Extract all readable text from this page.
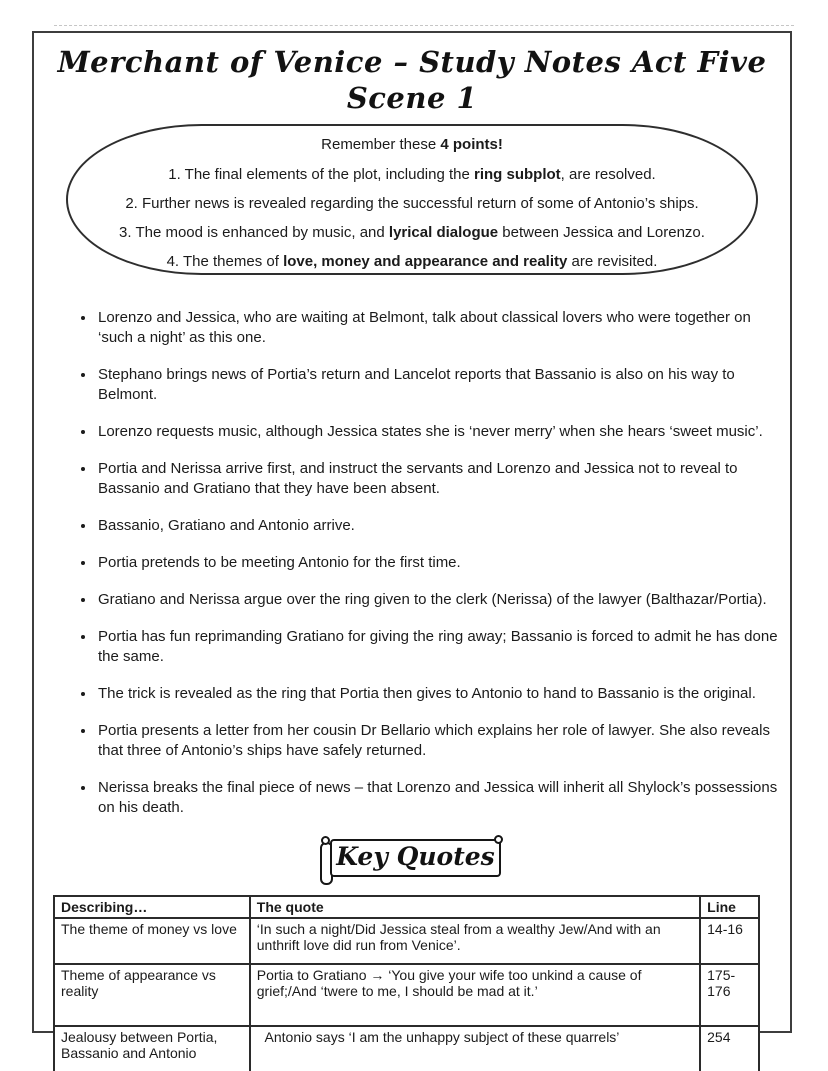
Merchant of Venice – Study Notes Act Five Scene 1
Remember these 4 points!
1. The final elements of the plot, including the ring subplot, are resolved.
2. Further news is revealed regarding the successful return of some of Antonio’s ships.
3. The mood is enhanced by music, and lyrical dialogue between Jessica and Lorenzo.
4. The themes of love, money and appearance and reality are revisited.
• Lorenzo and Jessica, who are waiting at Belmont, talk about classical lovers who were together on ‘such a night’ as this one.
• Stephano brings news of Portia’s return and Lancelot reports that Bassanio is also on his way to Belmont.
• Lorenzo requests music, although Jessica states she is ‘never merry’ when she hears ‘sweet music’.
• Portia and Nerissa arrive first, and instruct the servants and Lorenzo and Jessica not to reveal to Bassanio and Gratiano that they have been absent.
• Bassanio, Gratiano and Antonio arrive.
• Portia pretends to be meeting Antonio for the first time.
• Gratiano and Nerissa argue over the ring given to the clerk (Nerissa) of the lawyer (Balthazar/Portia).
• Portia has fun reprimanding Gratiano for giving the ring away; Bassanio is forced to admit he has done the same.
• The trick is revealed as the ring that Portia then gives to Antonio to hand to Bassanio is the original.
• Portia presents a letter from her cousin Dr Bellario which explains her role of lawyer. She also reveals that three of Antonio’s ships have safely returned.
• Nerissa breaks the final piece of news – that Lorenzo and Jessica will inherit all Shylock’s possessions on his death.
Key Quotes
Describing…	The quote	Line
The theme of money vs love	‘In such a night/Did Jessica steal from a wealthy Jew/And with an unthrift love did run from Venice’.	14-16
Theme of appearance vs reality	Portia to Gratiano → ‘You give your wife too unkind a cause of grief;/And ‘twere to me, I should be mad at it.’	175-176
Jealousy between Portia, Bassanio and Antonio	Antonio says ‘I am the unhappy subject of these quarrels’	254
